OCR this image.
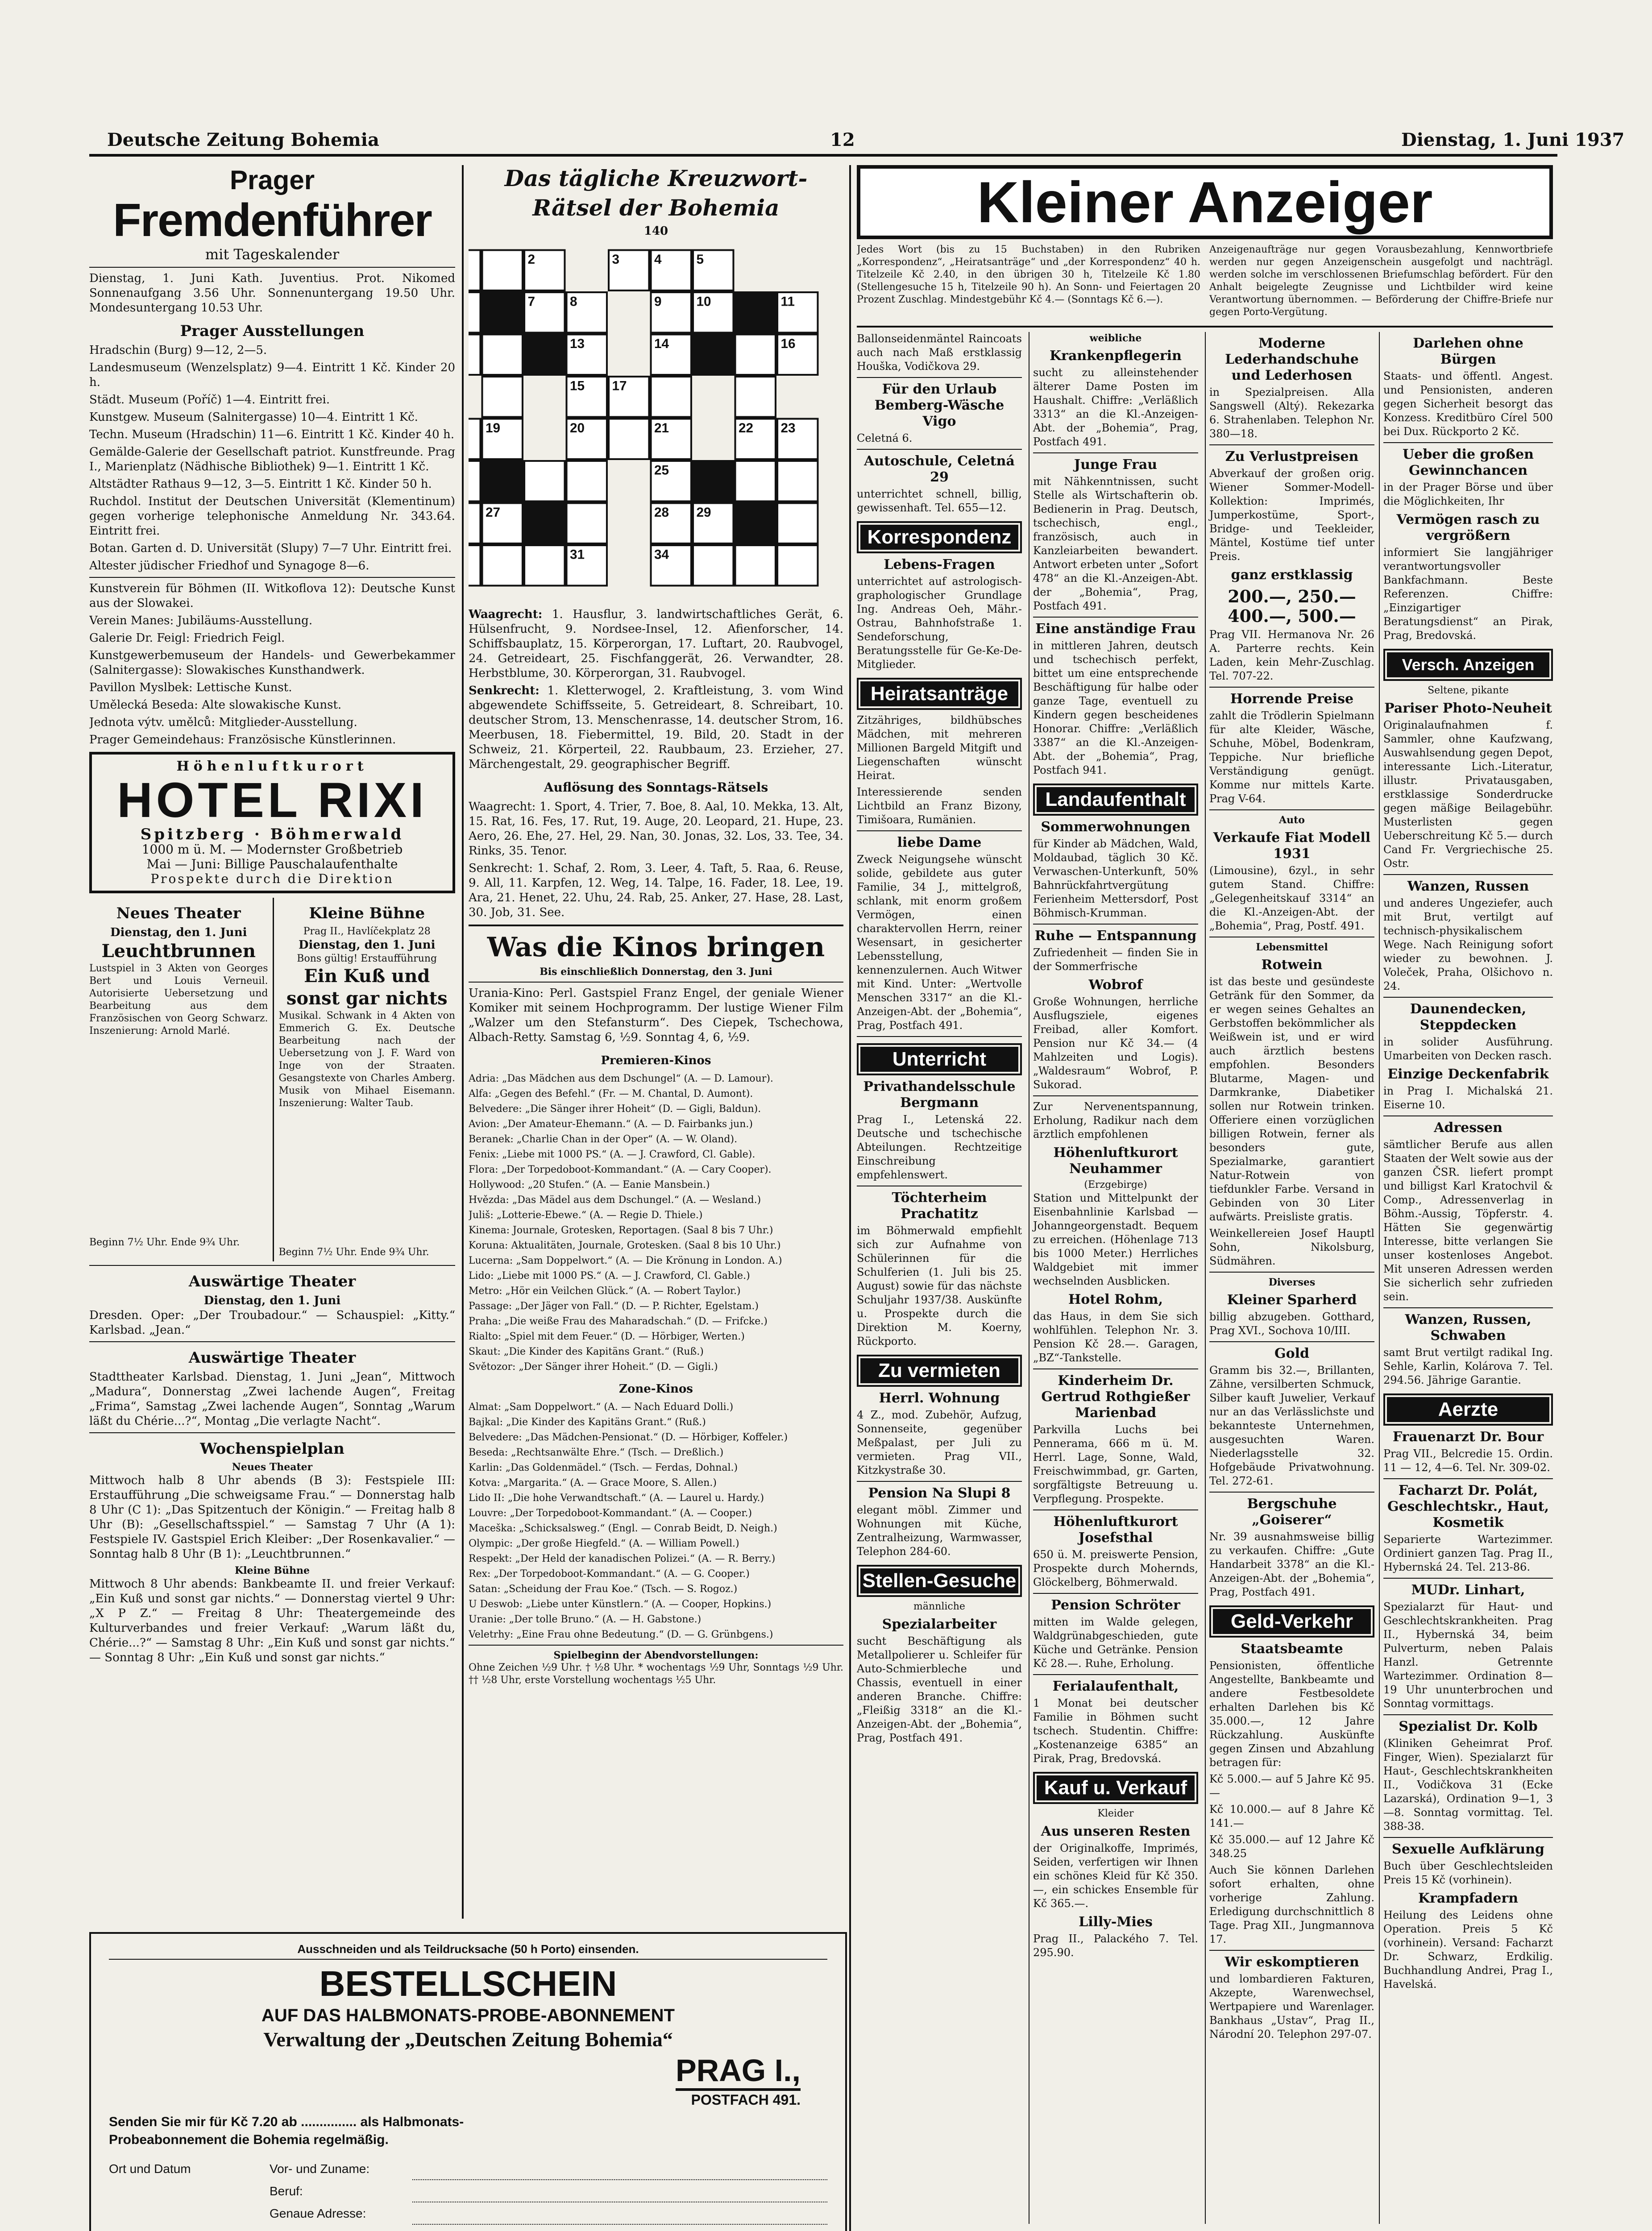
Deutsche Zeitung Bohemia	12	Dienstag, 1. Juni 1937
Prager
Fremdenführer
mit Tageskalender
Dienstag, 1. Juni Kath. Juventius. Prot. Nikomed Sonnenaufgang 3.56 Uhr. Sonnenuntergang 19.50 Uhr. Mondesuntergang 10.53 Uhr.
Prager Ausstellungen
Hradschin (Burg) 9—12, 2—5.
Landesmuseum (Wenzelsplatz) 9—4. Eintritt 1 Kč. Kinder 20 h.
Städt. Museum (Poříč) 1—4. Eintritt frei.
Kunstgew. Museum (Salnitergasse) 10—4. Eintritt 1 Kč.
Techn. Museum (Hradschin) 11—6. Eintritt 1 Kč. Kinder 40 h.
Gemälde-Galerie der Gesellschaft patriot. Kunstfreunde. Prag I., Marienplatz (Nädhische Bibliothek) 9—1. Eintritt 1 Kč.
Altstädter Rathaus 9—12, 3—5. Eintritt 1 Kč. Kinder 50 h.
Ruchdol. Institut der Deutschen Universität (Klementinum) gegen vorherige telephonische Anmeldung Nr. 343.64. Eintritt frei.
Botan. Garten d. D. Universität (Slupy) 7—7 Uhr. Eintritt frei.
Altester jüdischer Friedhof und Synagoge 8—6.
Kunstverein für Böhmen (II. Witkoflova 12): Deutsche Kunst aus der Slowakei.
Verein Manes: Jubiläums-Ausstellung.
Galerie Dr. Feigl: Friedrich Feigl.
Kunstgewerbemuseum der Handels- und Gewerbekammer (Salnitergasse): Slowakisches Kunsthandwerk.
Pavillon Myslbek: Lettische Kunst.
Umělecká Beseda: Alte slowakische Kunst.
Jednota výtv. umělců: Mitglieder-Ausstellung.
Prager Gemeindehaus: Französische Künstlerinnen.
Höhenluftkurort
HOTEL RIXI
Spitzberg · Böhmerwald
1000 m ü. M. — Modernster Großbetrieb
Mai — Juni: Billige Pauschalaufenthalte
Prospekte durch die Direktion
Neues Theater
Dienstag, den 1. Juni
Leuchtbrunnen
Lustspiel in 3 Akten von Georges Bert und Louis Verneuil. Autorisierte Uebersetzung und Bearbeitung aus dem Französischen von Georg Schwarz. Inszenierung: Arnold Marlé.
Beginn 7½ Uhr. Ende 9¾ Uhr.
Kleine Bühne
Prag II., Havlíčekplatz 28
Dienstag, den 1. Juni
Bons gültig! Erstaufführung
Ein Kuß und sonst gar nichts
Musikal. Schwank in 4 Akten von Emmerich G. Ex. Deutsche Bearbeitung nach der Uebersetzung von J. F. Ward von Inge von der Straaten. Gesangstexte von Charles Amberg. Musik von Mihael Eisemann. Inszenierung: Walter Taub.
Beginn 7½ Uhr. Ende 9¾ Uhr.
Auswärtige Theater
Dienstag, den 1. Juni
Dresden. Oper: „Der Troubadour.“ — Schauspiel: „Kitty.“ Karlsbad. „Jean.“
Auswärtige Theater
Stadttheater Karlsbad. Dienstag, 1. Juni „Jean“, Mittwoch „Madura“, Donnerstag „Zwei lachende Augen“, Freitag „Frima“, Samstag „Zwei lachende Augen“, Sonntag „Warum läßt du Chérie...?“, Montag „Die verlagte Nacht“.
Wochenspielplan
Neues Theater
Mittwoch halb 8 Uhr abends (B 3): Festspiele III: Erstaufführung „Die schweigsame Frau.“ — Donnerstag halb 8 Uhr (C 1): „Das Spitzentuch der Königin.“ — Freitag halb 8 Uhr (B): „Gesellschaftsspiel.“ — Samstag 7 Uhr (A 1): Festspiele IV. Gastspiel Erich Kleiber: „Der Rosenkavalier.“ — Sonntag halb 8 Uhr (B 1): „Leuchtbrunnen.“
Kleine Bühne
Mittwoch 8 Uhr abends: Bankbeamte II. und freier Verkauf: „Ein Kuß und sonst gar nichts.“ — Donnerstag viertel 9 Uhr: „X P Z.“ — Freitag 8 Uhr: Theatergemeinde des Kulturverbandes und freier Verkauf: „Warum läßt du, Chérie...?“ — Samstag 8 Uhr: „Ein Kuß und sonst gar nichts.“ — Sonntag 8 Uhr: „Ein Kuß und sonst gar nichts.“
Das tägliche Kreuzwort-
Rätsel der Bohemia
140
2	3	4	5
7	8	9	10	11
13	14	16
15	17
19	20	21	22	23
25
27	28	29
31	34
Waagrecht: 1. Hausflur, 3. landwirtschaftliches Gerät, 6. Hülsenfrucht, 9. Nordsee-Insel, 12. Afienforscher, 14. Schiffsbauplatz, 15. Körperorgan, 17. Luftart, 20. Raubvogel, 24. Getreideart, 25. Fischfanggerät, 26. Verwandter, 28. Herbstblume, 30. Körperorgan, 31. Raubvogel.
Senkrecht: 1. Kletterwogel, 2. Kraftleistung, 3. vom Wind abgewendete Schiffsseite, 5. Getreideart, 8. Schreibart, 10. deutscher Strom, 13. Menschenrasse, 14. deutscher Strom, 16. Meerbusen, 18. Fiebermittel, 19. Bild, 20. Stadt in der Schweiz, 21. Körperteil, 22. Raubbaum, 23. Erzieher, 27. Märchengestalt, 29. geographischer Begriff.
Auflösung des Sonntags-Rätsels
Waagrecht: 1. Sport, 4. Trier, 7. Boe, 8. Aal, 10. Mekka, 13. Alt, 15. Rat, 16. Fes, 17. Rut, 19. Auge, 20. Leopard, 21. Hupe, 23. Aero, 26. Ehe, 27. Hel, 29. Nan, 30. Jonas, 32. Los, 33. Tee, 34. Rinks, 35. Tenor.
Senkrecht: 1. Schaf, 2. Rom, 3. Leer, 4. Taft, 5. Raa, 6. Reuse, 9. All, 11. Karpfen, 12. Weg, 14. Talpe, 16. Fader, 18. Lee, 19. Ara, 21. Henet, 22. Uhu, 24. Rab, 25. Anker, 27. Hase, 28. Last, 30. Job, 31. See.
Was die Kinos bringen
Bis einschließlich Donnerstag, den 3. Juni
Urania-Kino: Perl. Gastspiel Franz Engel, der geniale Wiener Komiker mit seinem Hochprogramm. Der lustige Wiener Film „Walzer um den Stefansturm“. Des Ciepek, Tschechowa, Albach-Retty. Samstag 6, ½9. Sonntag 4, 6, ½9.
Premieren-Kinos
Adria: „Das Mädchen aus dem Dschungel“ (A. — D. Lamour).
Alfa: „Gegen des Befehl.“ (Fr. — M. Chantal, D. Aumont).
Belvedere: „Die Sänger ihrer Hoheit“ (D. — Gigli, Baldun).
Avion: „Der Amateur-Ehemann.“ (A. — D. Fairbanks jun.)
Beranek: „Charlie Chan in der Oper“ (A. — W. Oland).
Fenix: „Liebe mit 1000 PS.“ (A. — J. Crawford, Cl. Gable).
Flora: „Der Torpedoboot-Kommandant.“ (A. — Cary Cooper).
Hollywood: „20 Stufen.“ (A. — Eanie Mansbein.)
Hvězda: „Das Mädel aus dem Dschungel.“ (A. — Wesland.)
Juliš: „Lotterie-Ebewe.“ (A. — Regie D. Thiele.)
Kinema: Journale, Grotesken, Reportagen. (Saal 8 bis 7 Uhr.)
Koruna: Aktualitäten, Journale, Grotesken. (Saal 8 bis 10 Uhr.)
Lucerna: „Sam Doppelwort.“ (A. — Die Krönung in London. A.)
Lido: „Liebe mit 1000 PS.“ (A. — J. Crawford, Cl. Gable.)
Metro: „Hör ein Veilchen Glück.“ (A. — Robert Taylor.)
Passage: „Der Jäger von Fall.“ (D. — P. Richter, Egelstam.)
Praha: „Die weiße Frau des Maharadschah.“ (D. — Frifcke.)
Rialto: „Spiel mit dem Feuer.“ (D. — Hörbiger, Werten.)
Skaut: „Die Kinder des Kapitäns Grant.“ (Ruß.)
Světozor: „Der Sänger ihrer Hoheit.“ (D. — Gigli.)
Zone-Kinos
Almat: „Sam Doppelwort.“ (A. — Nach Eduard Dolli.)
Bajkal: „Die Kinder des Kapitäns Grant.“ (Ruß.)
Belvedere: „Das Mädchen-Pensionat.“ (D. — Hörbiger, Koffeler.)
Beseda: „Rechtsanwälte Ehre.“ (Tsch. — Dreßlich.)
Karlin: „Das Goldenmädel.“ (Tsch. — Ferdas, Dohnal.)
Kotva: „Margarita.“ (A. — Grace Moore, S. Allen.)
Lido II: „Die hohe Verwandtschaft.“ (A. — Laurel u. Hardy.)
Louvre: „Der Torpedoboot-Kommandant.“ (A. — Cooper.)
Maceška: „Schicksalsweg.“ (Engl. — Conrab Beidt, D. Neigh.)
Olympic: „Der große Hiegfeld.“ (A. — William Powell.)
Respekt: „Der Held der kanadischen Polizei.“ (A. — R. Berry.)
Rex: „Der Torpedoboot-Kommandant.“ (A. — G. Cooper.)
Satan: „Scheidung der Frau Koe.“ (Tsch. — S. Rogoz.)
U Deswob: „Liebe unter Künstlern.“ (A. — Cooper, Hopkins.)
Uranie: „Der tolle Bruno.“ (A. — H. Gabstone.)
Veletrhy: „Eine Frau ohne Bedeutung.“ (D. — G. Grünbgens.)
Spielbeginn der Abendvorstellungen:
Ohne Zeichen ½9 Uhr. † ½8 Uhr. * wochentags ½9 Uhr, Sonntags ½9 Uhr. †† ½8 Uhr, erste Vorstellung wochentags ½5 Uhr.
Kleiner Anzeiger
Jedes Wort (bis zu 15 Buchstaben) in den Rubriken „Korrespondenz“, „Heiratsanträge“ und „der Korrespondenz“ 40 h. Titelzeile Kč 2.40, in den übrigen 30 h, Titelzeile Kč 1.80 (Stellengesuche 15 h, Titelzeile 90 h). An Sonn- und Feiertagen 20 Prozent Zuschlag. Mindestgebühr Kč 4.— (Sonntags Kč 6.—).
Anzeigenaufträge nur gegen Vorausbezahlung, Kennwortbriefe werden nur gegen Anzeigenschein ausgefolgt und nachträgl. werden solche im verschlossenen Briefumschlag befördert. Für den Anhalt beigelegte Zeugnisse und Lichtbilder wird keine Verantwortung übernommen. — Beförderung der Chiffre-Briefe nur gegen Porto-Vergütung.
Ballonseidenmäntel Raincoats auch nach Maß erstklassig Houška, Vodičkova 29.
Für den Urlaub Bemberg-Wäsche Vigo
Celetná 6.
Autoschule, Celetná 29
unterrichtet schnell, billig, gewissenhaft. Tel. 655—12.
Korrespondenz
Lebens-Fragen
unterrichtet auf astrologisch-graphologischer Grundlage Ing. Andreas Oeh, Mähr.-Ostrau, Bahnhofstraße 1. Sendeforschung, Beratungsstelle für Ge-Ke-De-Mitglieder.
Heiratsanträge
Zitzähriges, bildhübsches Mädchen, mit mehreren Millionen Bargeld Mitgift und Liegenschaften wünscht Heirat.
Interessierende senden Lichtbild an Franz Bizony, Timišoara, Rumänien.
liebe Dame
Zweck Neigungsehe wünscht solide, gebildete aus guter Familie, 34 J., mittelgroß, schlank, mit enorm großem Vermögen, einen charaktervollen Herrn, reiner Wesensart, in gesicherter Lebensstellung, kennenzulernen. Auch Witwer mit Kind. Unter: „Wertvolle Menschen 3317“ an die Kl.-Anzeigen-Abt. der „Bohemia“, Prag, Postfach 491.
Unterricht
Privathandelsschule Bergmann
Prag I., Letenská 22. Deutsche und tschechische Abteilungen. Rechtzeitige Einschreibung empfehlenswert.
Töchterheim Prachatitz
im Böhmerwald empfiehlt sich zur Aufnahme von Schülerinnen für die Schulferien (1. Juli bis 25. August) sowie für das nächste Schuljahr 1937/38. Auskünfte u. Prospekte durch die Direktion M. Koerny, Rückporto.
Zu vermieten
Herrl. Wohnung
4 Z., mod. Zubehör, Aufzug, Sonnenseite, gegenüber Meßpalast, per Juli zu vermieten. Prag VII., Kitzkystraße 30.
Pension Na Slupi 8
elegant möbl. Zimmer und Wohnungen mit Küche, Zentralheizung, Warmwasser, Telephon 284-60.
Stellen-Gesuche
männliche
Spezialarbeiter
sucht Beschäftigung als Metallpolierer u. Schleifer für Auto-Schmierbleche und Chassis, eventuell in einer anderen Branche. Chiffre: „Fleißig 3318“ an die Kl.-Anzeigen-Abt. der „Bohemia“, Prag, Postfach 491.
weibliche
Krankenpflegerin
sucht zu alleinstehender älterer Dame Posten im Haushalt. Chiffre: „Verläßlich 3313“ an die Kl.-Anzeigen-Abt. der „Bohemia“, Prag, Postfach 491.
Junge Frau
mit Nähkenntnissen, sucht Stelle als Wirtschafterin ob. Bedienerin in Prag. Deutsch, tschechisch, engl., französisch, auch in Kanzleiarbeiten bewandert. Antwort erbeten unter „Sofort 478“ an die Kl.-Anzeigen-Abt. der „Bohemia“, Prag, Postfach 491.
Eine anständige Frau
in mittleren Jahren, deutsch und tschechisch perfekt, bittet um eine entsprechende Beschäftigung für halbe oder ganze Tage, eventuell zu Kindern gegen bescheidenes Honorar. Chiffre: „Verläßlich 3387“ an die Kl.-Anzeigen-Abt. der „Bohemia“, Prag, Postfach 941.
Landaufenthalt
Sommerwohnungen
für Kinder ab Mädchen, Wald, Moldaubad, täglich 30 Kč. Verwaschen-Unterkunft, 50% Bahnrückfahrtvergütung Ferienheim Mettersdorf, Post Böhmisch-Krumman.
Ruhe — Entspannung
Zufriedenheit — finden Sie in der Sommerfrische
Wobrof
Große Wohnungen, herrliche Ausflugsziele, eigenes Freibad, aller Komfort. Pension nur Kč 34.— (4 Mahlzeiten und Logis). „Waldesraum“ Wobrof, P. Sukorad.
Zur Nervenentspannung, Erholung, Radikur nach dem ärztlich empfohlenen
Höhenluftkurort Neuhammer
(Erzgebirge)
Station und Mittelpunkt der Eisenbahnlinie Karlsbad — Johanngeorgenstadt. Bequem zu erreichen. (Höhenlage 713 bis 1000 Meter.) Herrliches Waldgebiet mit immer wechselnden Ausblicken.
Hotel Rohm,
das Haus, in dem Sie sich wohlfühlen. Telephon Nr. 3. Pension Kč 28.—. Garagen, „BZ“-Tankstelle.
Kinderheim Dr. Gertrud Rothgießer Marienbad
Parkvilla Luchs bei Pennerama, 666 m ü. M. Herrl. Lage, Sonne, Wald, Freischwimmbad, gr. Garten, sorgfältigste Betreuung u. Verpflegung. Prospekte.
Höhenluftkurort Josefsthal
650 ü. M. preiswerte Pension, Prospekte durch Mohernds, Glöckelberg, Böhmerwald.
Pension Schröter
mitten im Walde gelegen, Waldgrünabgeschieden, gute Küche und Getränke. Pension Kč 28.—. Ruhe, Erholung.
Ferialaufenthalt,
1 Monat bei deutscher Familie in Böhmen sucht tschech. Studentin. Chiffre: „Kostenanzeige 6385“ an Pirak, Prag, Bredovská.
Kauf u. Verkauf
Kleider
Aus unseren Resten
der Originalkoffe, Imprimés, Seiden, verfertigen wir Ihnen ein schönes Kleid für Kč 350.—, ein schickes Ensemble für Kč 365.—.
Lilly-Mies
Prag II., Palackého 7. Tel. 295.90.
Moderne Lederhandschuhe und Lederhosen
in Spezialpreisen. Alla Sangswell (Altý). Rekezarka 6. Strahenlaben. Telephon Nr. 380—18.
Zu Verlustpreisen
Abverkauf der großen orig. Wiener Sommer-Modell-Kollektion: Imprimés, Jumperkostüme, Sport-, Bridge- und Teekleider, Mäntel, Kostüme tief unter Preis.
ganz erstklassig
200.—, 250.— 400.—, 500.—
Prag VII. Hermanova Nr. 26 A. Parterre rechts. Kein Laden, kein Mehr-Zuschlag. Tel. 707-22.
Horrende Preise
zahlt die Trödlerin Spielmann für alte Kleider, Wäsche, Schuhe, Möbel, Bodenkram, Teppiche. Nur briefliche Verständigung genügt. Komme nur mittels Karte. Prag V-64.
Auto
Verkaufe Fiat Modell 1931
(Limousine), 6zyl., in sehr gutem Stand. Chiffre: „Gelegenheitskauf 3314“ an die Kl.-Anzeigen-Abt. der „Bohemia“, Prag, Postf. 491.
Lebensmittel
Rotwein
ist das beste und gesündeste Getränk für den Sommer, da er wegen seines Gehaltes an Gerbstoffen bekömmlicher als Weißwein ist, und er wird auch ärztlich bestens empfohlen. Besonders Blutarme, Magen- und Darmkranke, Diabetiker sollen nur Rotwein trinken. Offeriere einen vorzüglichen billigen Rotwein, ferner als besonders gute, Spezialmarke, garantiert Natur-Rotwein von tiefdunkler Farbe. Versand in Gebinden von 30 Liter aufwärts. Preisliste gratis.
Weinkellereien Josef Hauptl Sohn, Nikolsburg, Südmähren.
Diverses
Kleiner Sparherd
billig abzugeben. Gotthard, Prag XVI., Sochova 10/III.
Gold
Gramm bis 32.—, Brillanten, Zähne, versilberten Schmuck, Silber kauft Juwelier, Verkauf nur an das Verlässlichste und bekannteste Unternehmen, ausgesuchten Waren. Niederlagsstelle 32. Hofgebäude Privatwohnung. Tel. 272-61.
Bergschuhe „Goiserer“
Nr. 39 ausnahmsweise billig zu verkaufen. Chiffre: „Gute Handarbeit 3378“ an die Kl.-Anzeigen-Abt. der „Bohemia“, Prag, Postfach 491.
Geld-Verkehr
Staatsbeamte
Pensionisten, öffentliche Angestellte, Bankbeamte und andere Festbesoldete erhalten Darlehen bis Kč 35.000.—, 12 Jahre Rückzahlung. Auskünfte gegen Zinsen und Abzahlung betragen für:
Kč 5.000.— auf 5 Jahre Kč 95.—
Kč 10.000.— auf 8 Jahre Kč 141.—
Kč 35.000.— auf 12 Jahre Kč 348.25
Auch Sie können Darlehen sofort erhalten, ohne vorherige Zahlung. Erledigung durchschnittlich 8 Tage. Prag XII., Jungmannova 17.
Wir eskomptieren
und lombardieren Fakturen, Akzepte, Warenwechsel, Wertpapiere und Warenlager. Bankhaus „Ustav“, Prag II., Národní 20. Telephon 297-07.
Darlehen ohne Bürgen
Staats- und öffentl. Angest. und Pensionisten, anderen gegen Sicherheit besorgt das Konzess. Kreditbüro Círel 500 bei Dux. Rückporto 2 Kč.
Ueber die großen Gewinnchancen
in der Prager Börse und über die Möglichkeiten, Ihr
Vermögen rasch zu vergrößern
informiert Sie langjähriger verantwortungsvoller Bankfachmann. Beste Referenzen. Chiffre: „Einzigartiger Beratungsdienst“ an Pirak, Prag, Bredovská.
Versch. Anzeigen
Seltene, pikante
Pariser Photo-Neuheit
Originalaufnahmen f. Sammler, ohne Kaufzwang, Auswahlsendung gegen Depot, interessante Lich.-Literatur, illustr. Privatausgaben, erstklassige Sonderdrucke gegen mäßige Beilagebühr. Musterlisten gegen Ueberschreitung Kč 5.— durch Cand Fr. Vergriechische 25. Ostr.
Wanzen, Russen
und anderes Ungeziefer, auch mit Brut, vertilgt auf technisch-physikalischem Wege. Nach Reinigung sofort wieder zu bewohnen. J. Voleček, Praha, Olšichovo n. 24.
Daunendecken, Steppdecken
in solider Ausführung. Umarbeiten von Decken rasch.
Einzige Deckenfabrik
in Prag I. Michalská 21. Eiserne 10.
Adressen
sämtlicher Berufe aus allen Staaten der Welt sowie aus der ganzen ČSR. liefert prompt und billigst Karl Kratochvil & Comp., Adressenverlag in Böhm.-Aussig, Töpferstr. 4. Hätten Sie gegenwärtig Interesse, bitte verlangen Sie unser kostenloses Angebot. Mit unseren Adressen werden Sie sicherlich sehr zufrieden sein.
Wanzen, Russen, Schwaben
samt Brut vertilgt radikal Ing. Sehle, Karlin, Kolárova 7. Tel. 294.56. Jährige Garantie.
Aerzte
Frauenarzt Dr. Bour
Prag VII., Belcredie 15. Ordin. 11 — 12, 4—6. Tel. Nr. 309-02.
Facharzt Dr. Polát, Geschlechtskr., Haut, Kosmetik
Separierte Wartezimmer. Ordiniert ganzen Tag. Prag II., Hybernská 24. Tel. 213-86.
MUDr. Linhart,
Spezialarzt für Haut- und Geschlechtskrankheiten. Prag II., Hybernská 34, beim Pulverturm, neben Palais Hanzl. Getrennte Wartezimmer. Ordination 8—19 Uhr ununterbrochen und Sonntag vormittags.
Spezialist Dr. Kolb
(Kliniken Geheimrat Prof. Finger, Wien). Spezialarzt für Haut-, Geschlechtskrankheiten II., Vodičkova 31 (Ecke Lazarská), Ordination 9—1, 3—8. Sonntag vormittag. Tel. 388-38.
Sexuelle Aufklärung
Buch über Geschlechtsleiden Preis 15 Kč (vorhinein).
Krampfadern
Heilung des Leidens ohne Operation. Preis 5 Kč (vorhinein). Versand: Facharzt Dr. Schwarz, Erdkilig. Buchhandlung Andrei, Prag I., Havelská.
Ausschneiden und als Teildrucksache (50 h Porto) einsenden.
BESTELLSCHEIN
AUF DAS HALBMONATS-PROBE-ABONNEMENT
Verwaltung der „Deutschen Zeitung Bohemia“
PRAG I.,
POSTFACH 491.
Senden Sie mir für Kč 7.20 ab ............... als Halbmonats-
Probeabonnement die Bohemia regelmäßig.
Ort und Datum	Vor- und Zuname:
Beruf:
Genaue Adresse:
